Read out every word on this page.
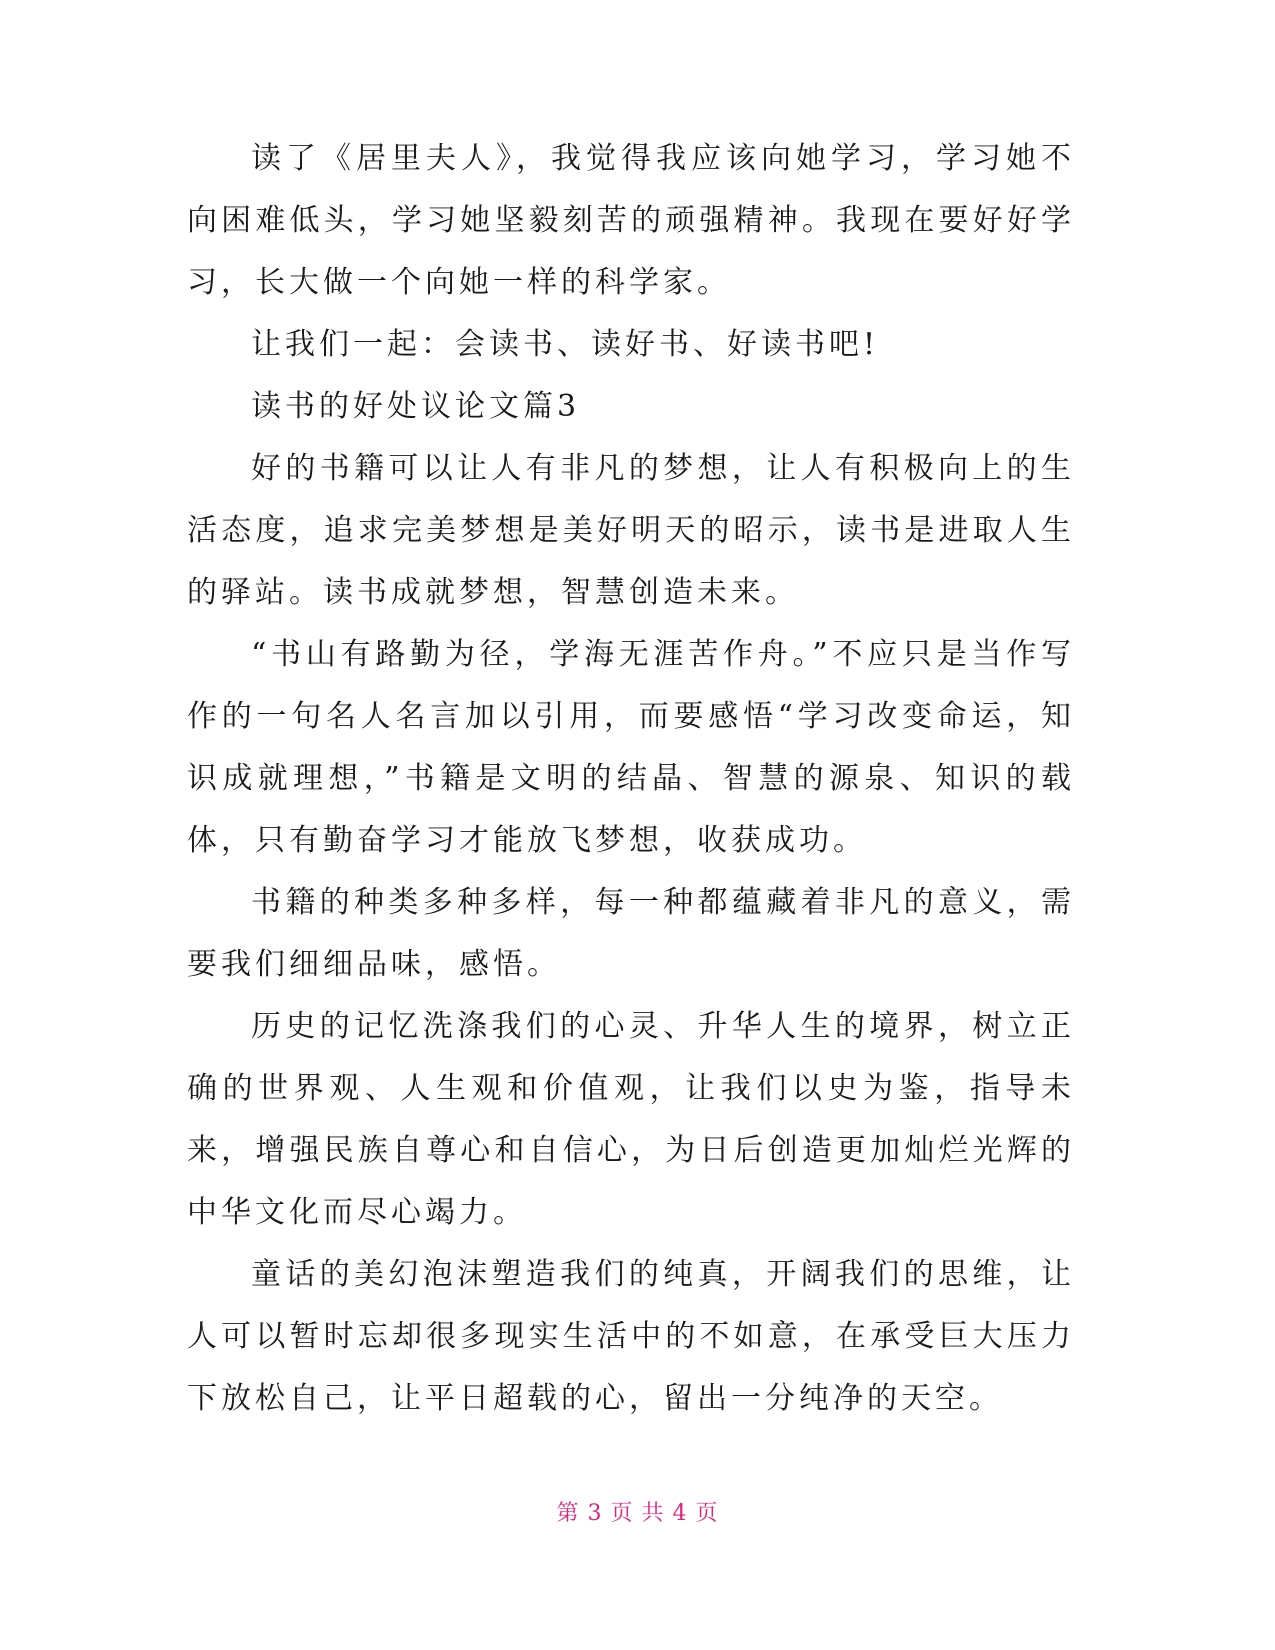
读了《居里夫人》，我觉得我应该向她学习，学习她不向困难低头，学习她坚毅刻苦的顽强精神。我现在要好好学习，长大做一个向她一样的科学家。

让我们一起：会读书、读好书、好读书吧!

读书的好处议论文篇3

好的书籍可以让人有非凡的梦想，让人有积极向上的生活态度，追求完美梦想是美好明天的昭示，读书是进取人生的驿站。读书成就梦想，智慧创造未来。

“书山有路勤为径，学海无涯苦作舟。”不应只是当作写作的一句名人名言加以引用，而要感悟“学习改变命运，知识成就理想，”书籍是文明的结晶、智慧的源泉、知识的载体，只有勤奋学习才能放飞梦想，收获成功。

书籍的种类多种多样，每一种都蕴藏着非凡的意义，需要我们细细品味，感悟。

历史的记忆洗涤我们的心灵、升华人生的境界，树立正确的世界观、人生观和价值观，让我们以史为鉴，指导未来，增强民族自尊心和自信心，为日后创造更加灿烂光辉的中华文化而尽心竭力。

童话的美幻泡沫塑造我们的纯真，开阔我们的思维，让人可以暂时忘却很多现实生活中的不如意，在承受巨大压力下放松自己，让平日超载的心，留出一分纯净的天空。

第 3 页 共 4 页
